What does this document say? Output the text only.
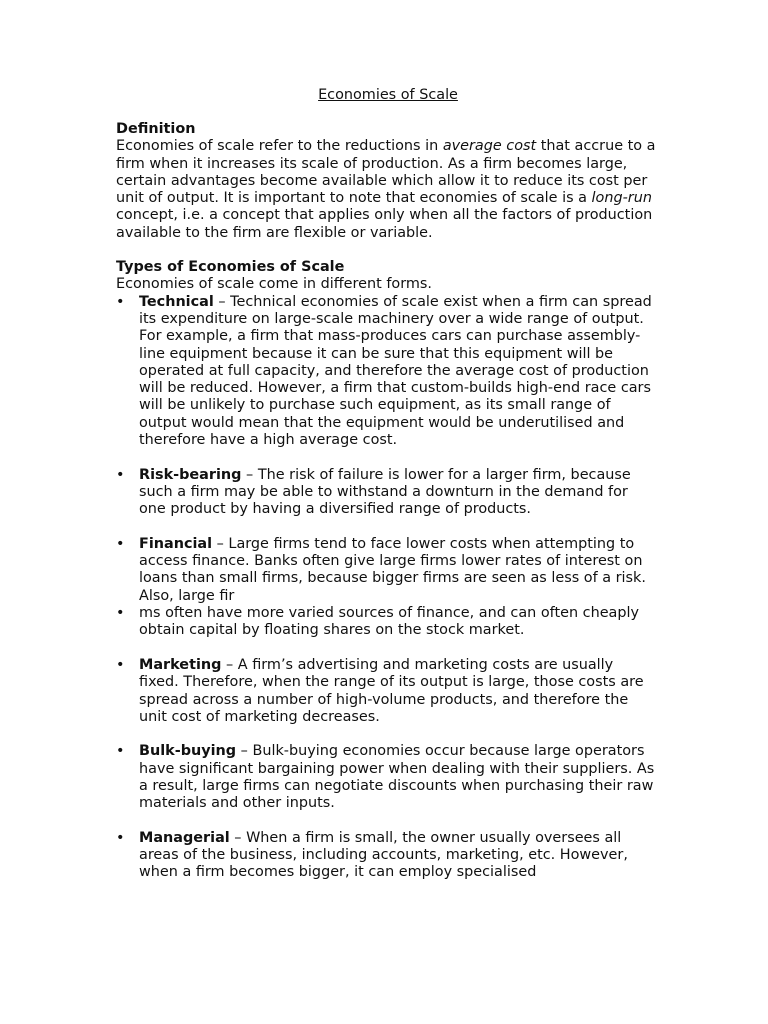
Economies of Scale
Definition

Economies of scale refer to the reductions in average cost that accrue to a firm when it increases its scale of production. As a firm becomes large, certain advantages become available which allow it to reduce its cost per unit of output. It is important to note that economies of scale is a long-run concept, i.e. a concept that applies only when all the factors of production available to the firm are flexible or variable.

Types of Economies of Scale

Economies of scale come in different forms.

•	Technical – Technical economies of scale exist when a firm can spread its expenditure on large-scale machinery over a wide range of output. For example, a firm that mass-produces cars can purchase assembly-line equipment because it can be sure that this equipment will be operated at full capacity, and therefore the average cost of production will be reduced. However, a firm that custom-builds high-end race cars will be unlikely to purchase such equipment, as its small range of output would mean that the equipment would be underutilised and therefore have a high average cost.
•	Risk-bearing – The risk of failure is lower for a larger firm, because such a firm may be able to withstand a downturn in the demand for one product by having a diversified range of products.
•	Financial – Large firms tend to face lower costs when attempting to access finance. Banks often give large firms lower rates of interest on loans than small firms, because bigger firms are seen as less of a risk. Also, large fir
•	ms often have more varied sources of finance, and can often cheaply obtain capital by floating shares on the stock market.
•	Marketing – A firm’s advertising and marketing costs are usually fixed. Therefore, when the range of its output is large, those costs are spread across a number of high-volume products, and therefore the unit cost of marketing decreases.
•	Bulk-buying – Bulk-buying economies occur because large operators have significant bargaining power when dealing with their suppliers. As a result, large firms can negotiate discounts when purchasing their raw materials and other inputs.
•	Managerial – When a firm is small, the owner usually oversees all areas of the business, including accounts, marketing, etc. However, when a firm becomes bigger, it can employ specialised
